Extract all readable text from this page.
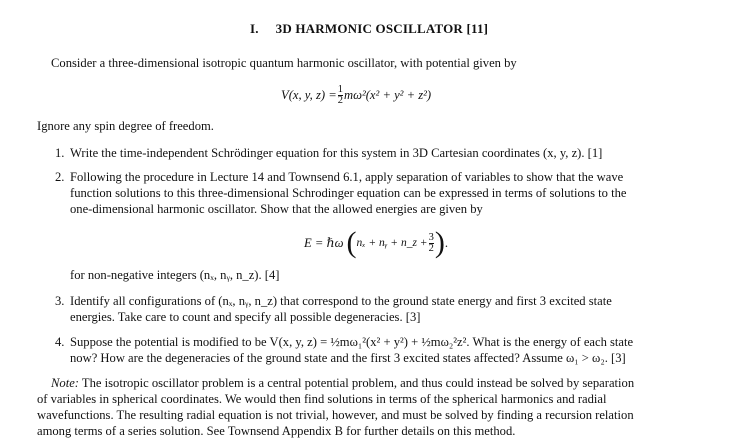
I. 3D HARMONIC OSCILLATOR [11]
Consider a three-dimensional isotropic quantum harmonic oscillator, with potential given by
V(x, y, $z) = \frac{1}{2} m\omega^2(x^2 + y^2 + z^2)$
Ignore any spin degree of freedom.
1. Write the time-independent Schrödinger equation for this system in 3D Cartesian coordinates (x, y, z). [1]
2. Following the procedure in Lecture 14 and Townsend 6.1, apply separation of variables to show that the wave
function solutions to this three-dimensional Schrodinger equation can be expressed in terms of solutions to the
one-dimensional harmonic oscillator. Show that the allowed energies are given by
E = ℏω ( nₓ + nᵧ + n_z + $\frac{3}{2}$ ) .
for non-negative integers (nₓ, nᵧ, n_z). [4]
3. Identify all configurations of (nₓ, nᵧ, n_z) that correspond to the ground state energy and first 3 excited state
energies. Take care to count and specify all possible degeneracies. [3]
4. Suppose the potential is modified to be V(x, y, z) = ½mω₁²(x² + y²) + ½mω₂²z². What is the energy of each state
now? How are the degeneracies of the ground state and the first 3 excited states affected? Assume ω₁ > ω₂. [3]
Note: The isotropic oscillator problem is a central potential problem, and thus could instead be solved by separation
of variables in spherical coordinates. We would then find solutions in terms of the spherical harmonics and radial
wavefunctions. The resulting radial equation is not trivial, however, and must be solved by finding a recursion relation
among terms of a series solution. See Townsend Appendix B for further details on this method.
